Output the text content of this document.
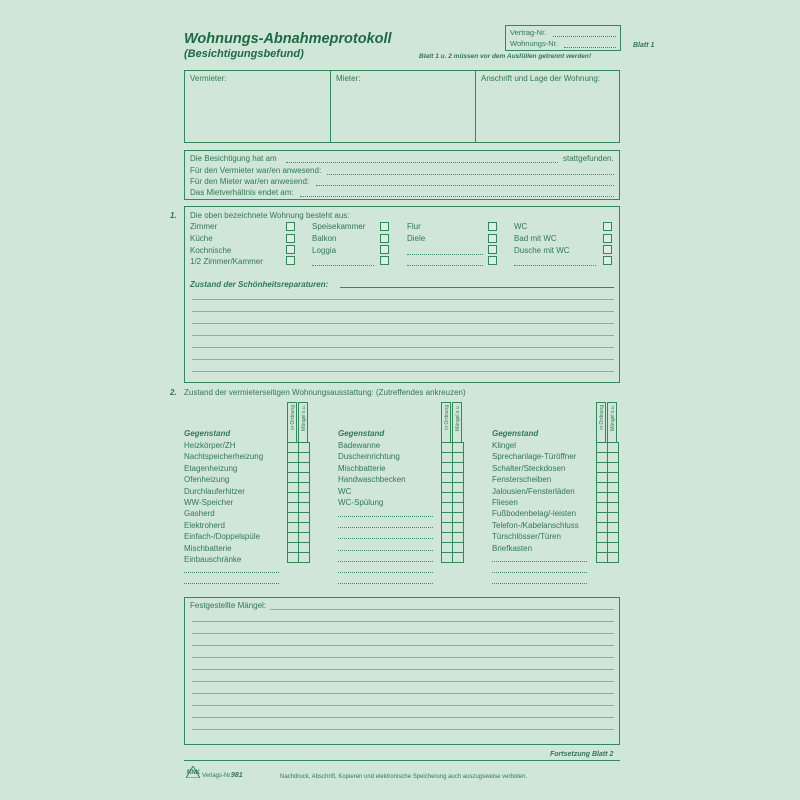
Wohnungs-Abnahmeprotokoll
(Besichtigungsbefund)
Vertrag-Nr.
Wohnungs-Nr.	Blatt 1
Blatt 1 u. 2 müssen vor dem Ausfüllen getrennt werden!
Vermieter:	Mieter:	Anschrift und Lage der Wohnung:
Die Besichtigung hat am	stattgefunden.
Für den Vermieter war/en anwesend:
Für den Mieter war/en anwesend:
Das Mietverhältnis endet am:
1. Die oben bezeichnete Wohnung besteht aus:
Zimmer
Küche
Kochnische
1/2 Zimmer/Kammer
Speisekammer
Balkon
Loggia
Flur
Diele
WC
Bad mit WC
Dusche mit WC
Zustand der Schönheitsreparaturen:
2. Zustand der vermieterseitigen Wohnungsausstattung: (Zutreffendes ankreuzen)
Gegenstand
in Ordnung Mängel s.u.

Heizkörper/ZH
Nachtspeicherheizung
Etagenheizung
Ofenheizung
Durchlauferhitzer
WW-Speicher
Gasherd
Elektroherd
Einfach-/Doppelspüle
Mischbatterie
Einbauschränke
Gegenstand
in Ordnung Mängel s.u.

Badewanne
Duscheinrichtung
Mischbatterie
Handwaschbecken
WC
WC-Spülung
Gegenstand
in Ordnung Mängel s.u.

Klingel
Sprechanlage-Türöffner
Schalter/Steckdosen
Fensterscheiben
Jalousien/Fensterläden
Fliesen
Fußbodenbelag/-leisten
Telefon-/Kabelanschluss
Türschlösser/Türen
Briefkasten
Festgestellte Mängel:
Fortsetzung Blatt 2
RNK Verlags-Nr. 981	Nachdruck, Abschrift, Kopieren und elektronische Speicherung auch auszugsweise verboten.
